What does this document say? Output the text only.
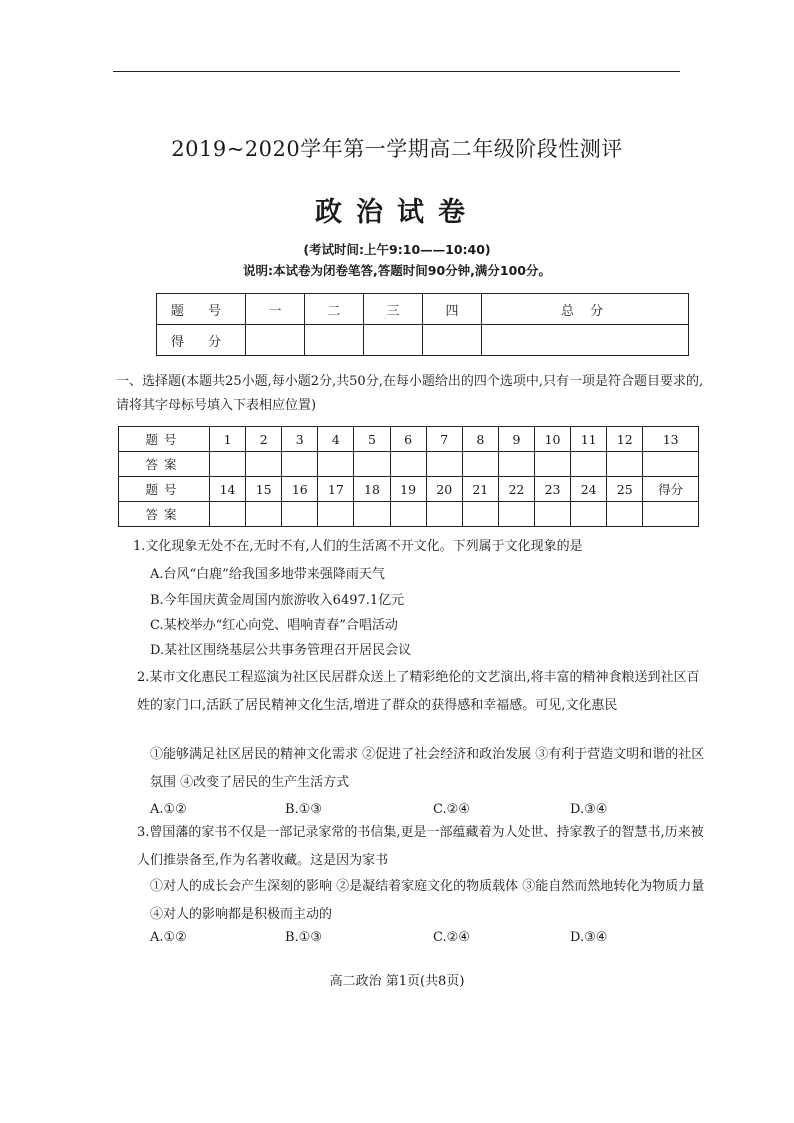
2019~2020学年第一学期高二年级阶段性测评
政治试卷
(考试时间:上午9:10——10:40)
说明:本试卷为闭卷笔答,答题时间90分钟,满分100分。
题 号	一	二	三	四	总 分
得 分					
一、选择题(本题共25小题,每小题2分,共50分,在每小题给出的四个选项中,只有一项是符合题目要求的,请将其字母标号填入下表相应位置)
题号	1	2	3	4	5	6	7	8	9	10	11	12	13
答案													
题号	14	15	16	17	18	19	20	21	22	23	24	25	得分
答案													
1.文化现象无处不在,无时不有,人们的生活离不开文化。下列属于文化现象的是
A.台风“白鹿”给我国多地带来强降雨天气
B.今年国庆黄金周国内旅游收入6497.1亿元
C.某校举办“红心向党、唱响青春”合唱活动
D.某社区围绕基层公共事务管理召开居民会议
2.某市文化惠民工程巡演为社区民居群众送上了精彩绝伦的文艺演出,将丰富的精神食粮送到社区百姓的家门口,活跃了居民精神文化生活,增进了群众的获得感和幸福感。可见,文化惠民
①能够满足社区居民的精神文化需求 ②促进了社会经济和政治发展 ③有利于营造文明和谐的社区氛围 ④改变了居民的生产生活方式
A.①②	B.①③	C.②④	D.③④
3.曾国藩的家书不仅是一部记录家常的书信集,更是一部蕴藏着为人处世、持家教子的智慧书,历来被人们推崇备至,作为名著收藏。这是因为家书
①对人的成长会产生深刻的影响 ②是凝结着家庭文化的物质载体 ③能自然而然地转化为物质力量 ④对人的影响都是积极而主动的
A.①②	B.①③	C.②④	D.③④
高二政治 第1页(共8页)
